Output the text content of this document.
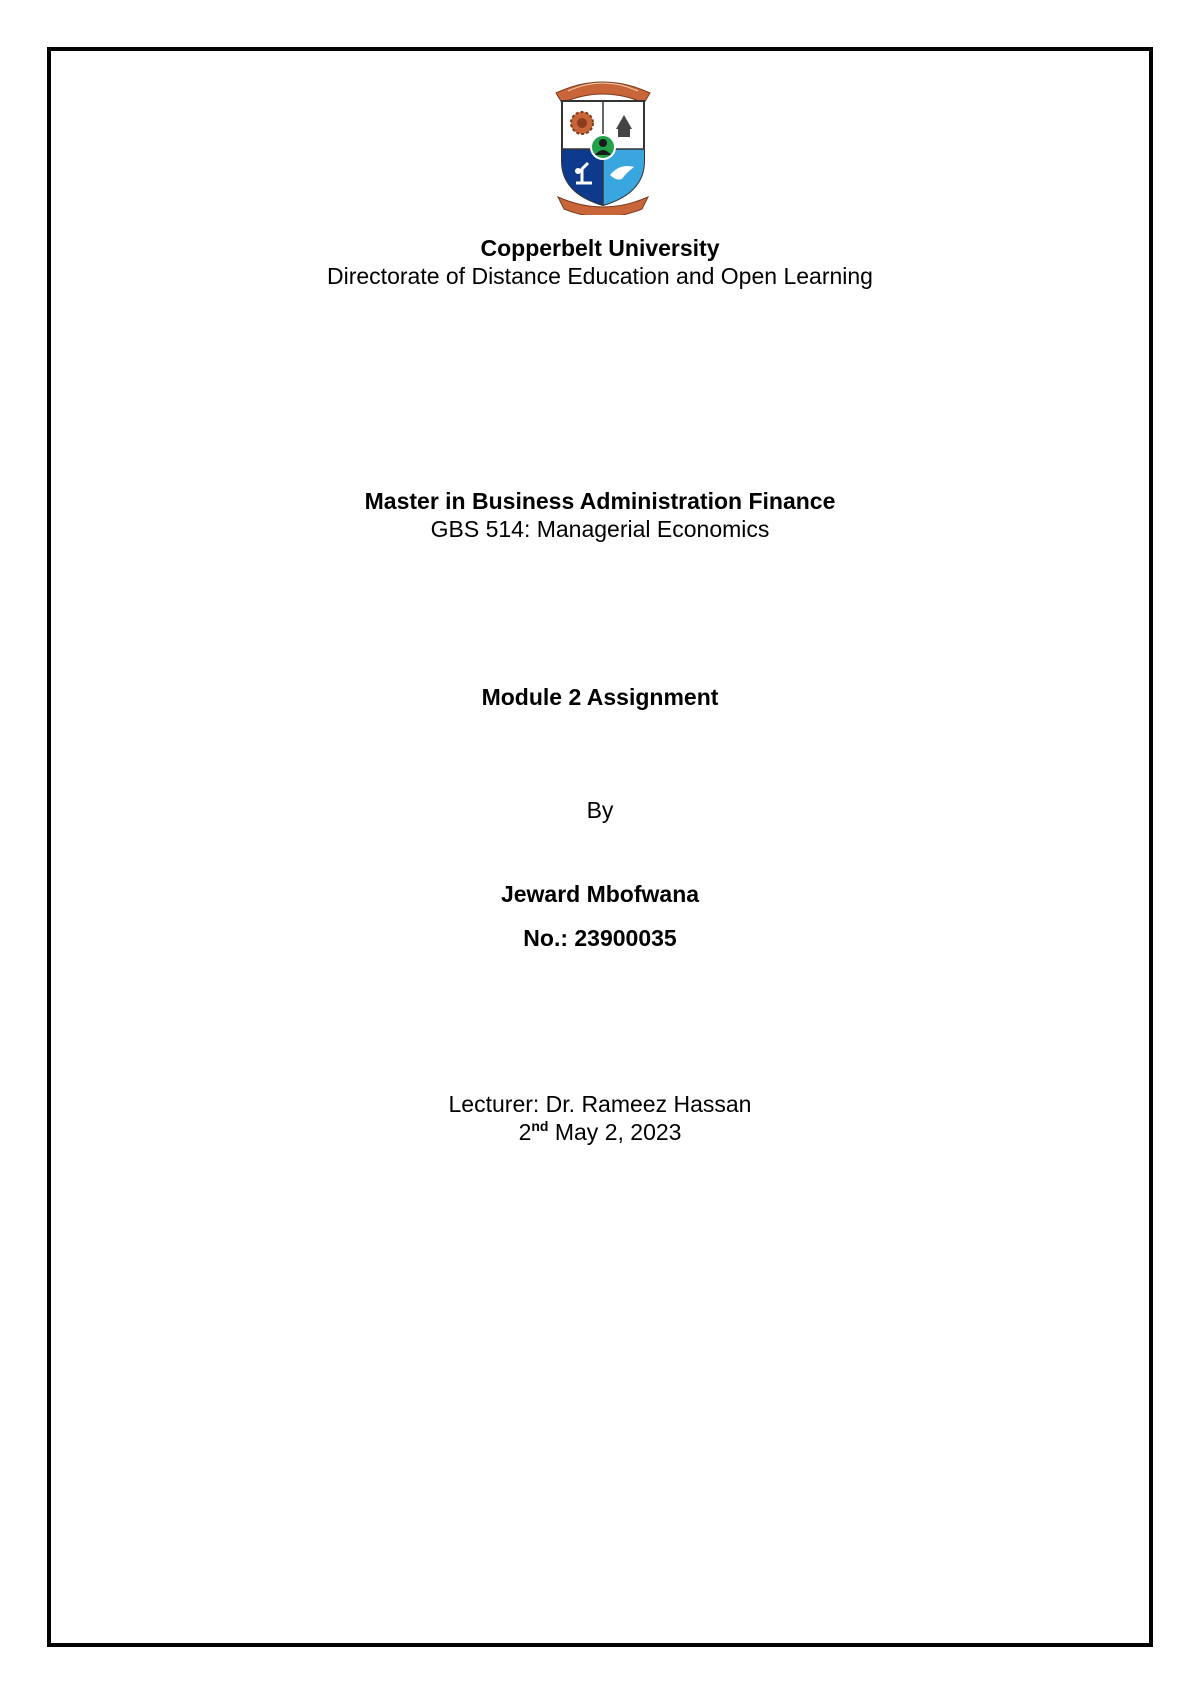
Copperbelt University
Directorate of Distance Education and Open Learning
Master in Business Administration Finance
GBS 514: Managerial Economics
Module 2 Assignment
By
Jeward Mbofwana
No.: 23900035
Lecturer: Dr. Rameez Hassan
2nd May 2, 2023
